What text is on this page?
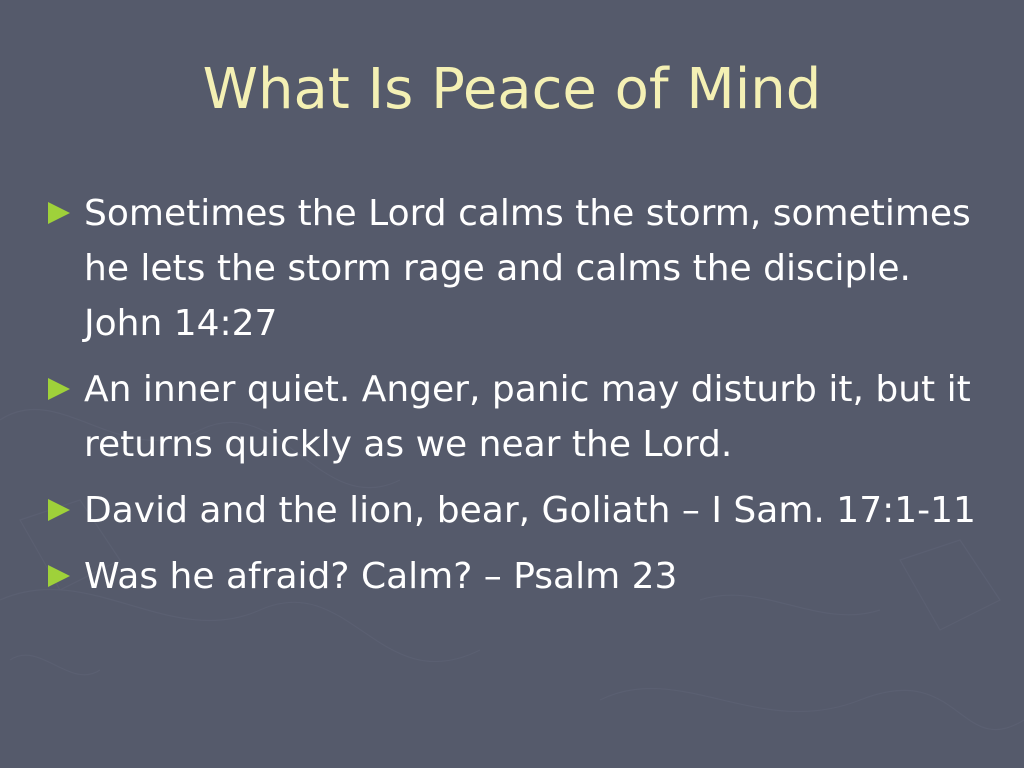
What Is Peace of Mind
Sometimes the Lord calms the storm, sometimes he lets the storm rage and calms the disciple. John 14:27
An inner quiet. Anger, panic may disturb it, but it returns quickly as we near the Lord.
David and the lion, bear, Goliath – I Sam. 17:1-11
Was he afraid? Calm? – Psalm 23
